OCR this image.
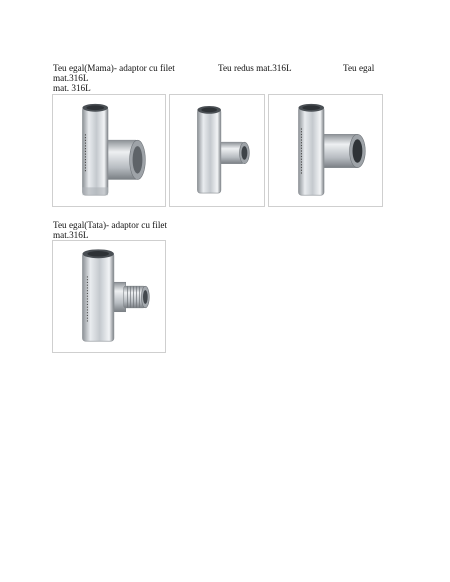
Teu egal(Mama)- adaptor cu filet	Teu redus mat.316L	Teu egal
mat.316L
mat. 316L
Teu egal(Tata)- adaptor cu filet
mat.316L
